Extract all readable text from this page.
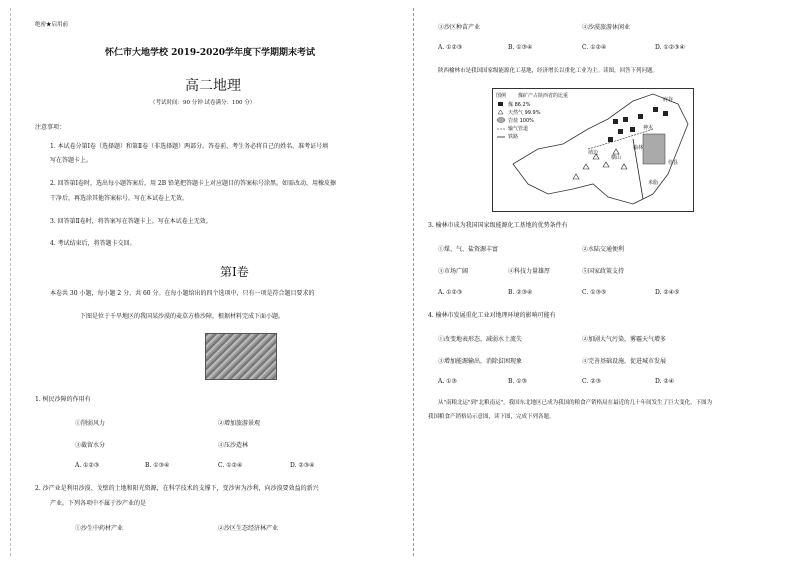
绝密★启用前
怀仁市大地学校 2019-2020学年度下学期期末考试
高二地理
（考试时间：90 分钟 试卷满分：100 分）
注意事项：
1. 本试卷分第Ⅰ卷（选择题）和第Ⅱ卷（非选择题）两部分。答卷前，考生务必将自己的姓名、准考证号填
写在答题卡上。
2. 回答第Ⅰ卷时，选出每小题答案后，用 2B 铅笔把答题卡上对应题目的答案标号涂黑。如需改动，用橡皮擦
干净后，再选涂其他答案标号。写在本试卷上无效。
3. 回答第Ⅱ卷时，将答案写在答题卡上。写在本试卷上无效。
4. 考试结束后，将答题卡交回。
第Ⅰ卷
本卷共 30 小题，每小题 2 分，共 60 分。在每小题给出的四个选项中，只有一项是符合题目要求的
下图是位于千旱地区的我国某沙漠的麦草方格沙障，根据材料完成下面小题。
1. 树民沙障的作用有
①削弱风力	②增加旅游景观
③截留水分	④压沙造林
A. ①②③	B. ①③④	C. ①②④	D. ②③④
2. 沙产业是利用沙漠、戈壁的土地和阳光资源，在科学技术的支撑下，变沙害为沙利，向沙漠要效益的新兴
产业。下列各项中不属于沙产业的是
①沙生中药材产业	②沙区生态经济林产业
③沙区种苗产业	④沙漠旅游休闲业
A. ①②③	B. ①③④	C. ①②④	D. ①②③④
陕西榆林市是我国国家级能源化工基地，经济增长以重化工业为主。读图，回答下列问题。
图例 煤矿产占陕西省的比重
煤 86.2%
天然气 99.9%
岩盐 100%
输气管道
铁路
府谷
神木
榆林
靖边
横山
佳县
米脂
3. 榆林市成为我国国家级能源化工基地的优势条件有
①煤、气、盐资源丰富	②水陆交通便利
③市场广阔	④科技力量雄厚	⑤国家政策支持
A. ①②③	B. ②③④	C. ①③⑤	D. ②④⑤
4. 榆林市发展重化工业对地理环境的影响可能有
①改变地表形态，减弱水土流失	②加剧大气污染，雾霾天气增多
③增加能源输出，消除贫困现象	④完善基础设施，促进城市发展
A. ①③	B. ①③	C. ②③	D. ②④
从"南粮北运"到"北粮南运"，我国东北地区已成为我国的粮食产销格局在最近的几十年间发生了巨大变化，下图为
我国粮食产销格局示意图，读下图，完成下列各题。
